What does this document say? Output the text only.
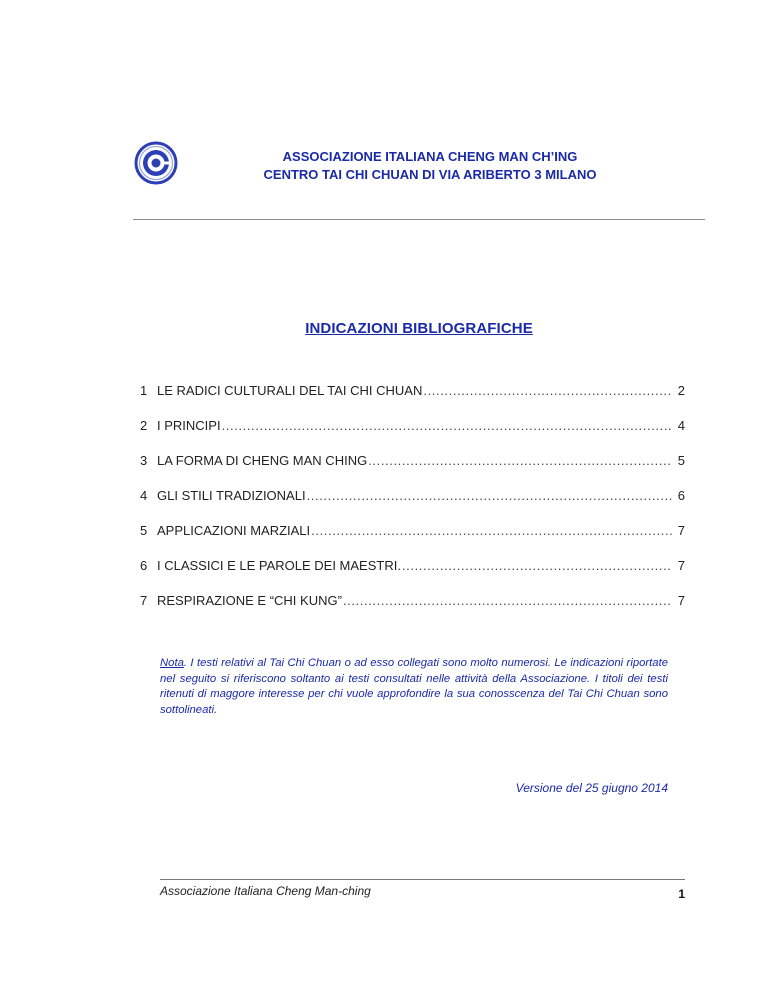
ASSOCIAZIONE ITALIANA CHENG MAN CH’ING
CENTRO TAI CHI CHUAN DI VIA ARIBERTO 3 MILANO
INDICAZIONI BIBLIOGRAFICHE
1 LE RADICI CULTURALI DEL TAI CHI CHUAN .....	2
2 I PRINCIPI .....	4
3 LA FORMA DI CHENG MAN CHING .....	5
4 GLI STILI TRADIZIONALI .....	6
5 APPLICAZIONI MARZIALI .....	7
6 I CLASSICI E LE PAROLE DEI MAESTRI. .....	7
7 RESPIRAZIONE E “CHI KUNG” .....	7
Nota. I testi relativi al Tai Chi Chuan o ad esso collegati sono molto numerosi. Le indicazioni riportate nel seguito si riferiscono soltanto ai testi consultati nelle attività della Associazione. I titoli dei testi ritenuti di maggore interesse per chi vuole approfondire la sua conosscenza del Tai Chi Chuan sono sottolineati.
Versione del 25 giugno 2014
Associazione Italiana Cheng Man-ching	1
